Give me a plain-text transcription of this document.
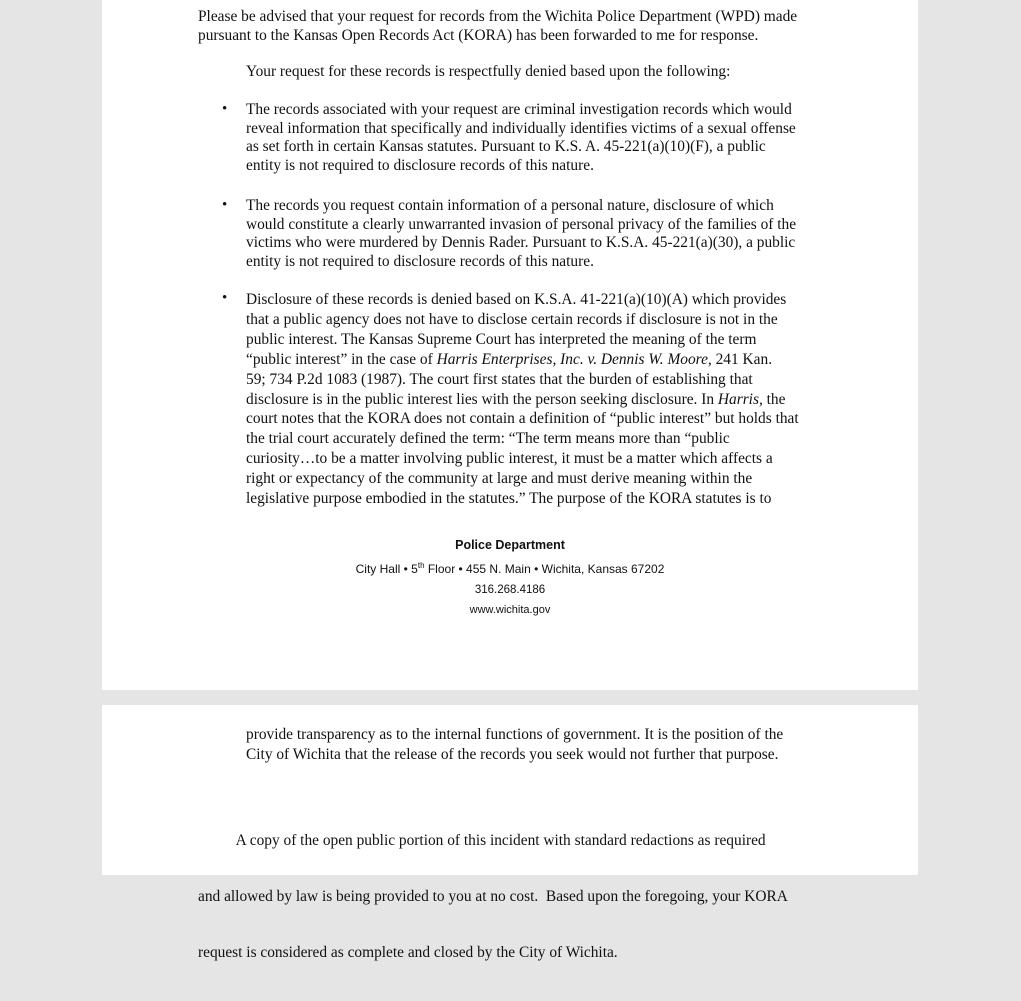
Please be advised that your request for records from the Wichita Police Department (WPD) made
pursuant to the Kansas Open Records Act (KORA) has been forwarded to me for response.
Your request for these records is respectfully denied based upon the following:
• The records associated with your request are criminal investigation records which would
reveal information that specifically and individually identifies victims of a sexual offense
as set forth in certain Kansas statutes. Pursuant to K.S. A. 45-221(a)(10)(F), a public
entity is not required to disclosure records of this nature.
• The records you request contain information of a personal nature, disclosure of which
would constitute a clearly unwarranted invasion of personal privacy of the families of the
victims who were murdered by Dennis Rader. Pursuant to K.S.A. 45-221(a)(30), a public
entity is not required to disclosure records of this nature.
• Disclosure of these records is denied based on K.S.A. 41-221(a)(10)(A) which provides
that a public agency does not have to disclose certain records if disclosure is not in the
public interest. The Kansas Supreme Court has interpreted the meaning of the term
“public interest” in the case of Harris Enterprises, Inc. v. Dennis W. Moore, 241 Kan.
59; 734 P.2d 1083 (1987). The court first states that the burden of establishing that
disclosure is in the public interest lies with the person seeking disclosure. In Harris, the
court notes that the KORA does not contain a definition of “public interest” but holds that
the trial court accurately defined the term: “The term means more than “public
curiosity…to be a matter involving public interest, it must be a matter which affects a
right or expectancy of the community at large and must derive meaning within the
legislative purpose embodied in the statutes.” The purpose of the KORA statutes is to
Police Department
City Hall • 5th Floor • 455 N. Main • Wichita, Kansas 67202
316.268.4186
www.wichita.gov
provide transparency as to the internal functions of government. It is the position of the
City of Wichita that the release of the records you seek would not further that purpose.

A copy of the open public portion of this incident with standard redactions as required

and allowed by law is being provided to you at no cost.  Based upon the foregoing, your KORA

request is considered as complete and closed by the City of Wichita.
